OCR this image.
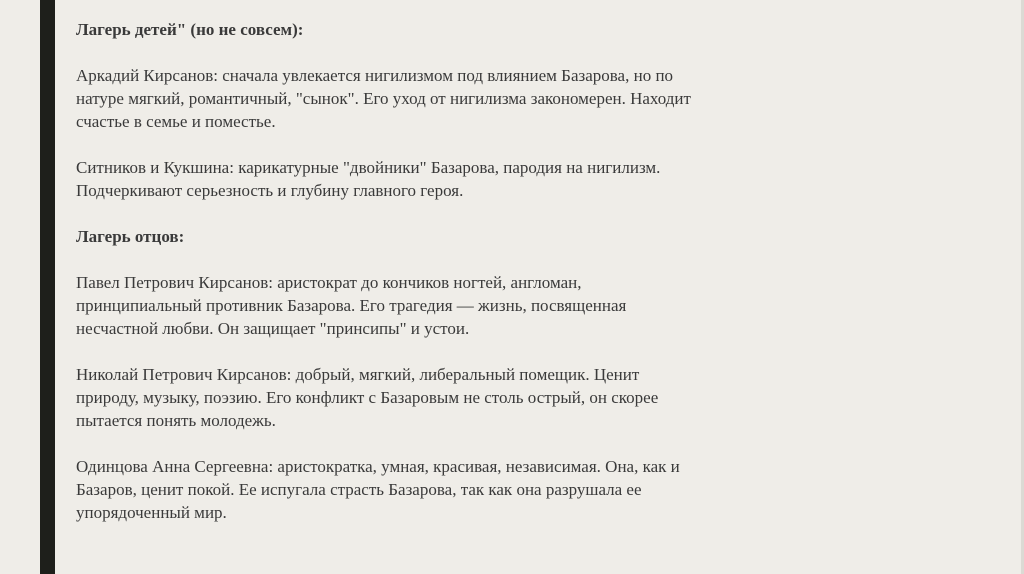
Лагерь детей" (но не совсем):

Аркадий Кирсанов: сначала увлекается нигилизмом под влиянием Базарова, но по
натуре мягкий, романтичный, "сынок". Его уход от нигилизма закономерен. Находит
счастье в семье и поместье.

Ситников и Кукшина: карикатурные "двойники" Базарова, пародия на нигилизм.
Подчеркивают серьезность и глубину главного героя.

Лагерь отцов:

Павел Петрович Кирсанов: аристократ до кончиков ногтей, англоман,
принципиальный противник Базарова. Его трагедия — жизнь, посвященная
несчастной любви. Он защищает "принсипы" и устои.

Николай Петрович Кирсанов: добрый, мягкий, либеральный помещик. Ценит
природу, музыку, поэзию. Его конфликт с Базаровым не столь острый, он скорее
пытается понять молодежь.

Одинцова Анна Сергеевна: аристократка, умная, красивая, независимая. Она, как и
Базаров, ценит покой. Ее испугала страсть Базарова, так как она разрушала ее
упорядоченный мир.
